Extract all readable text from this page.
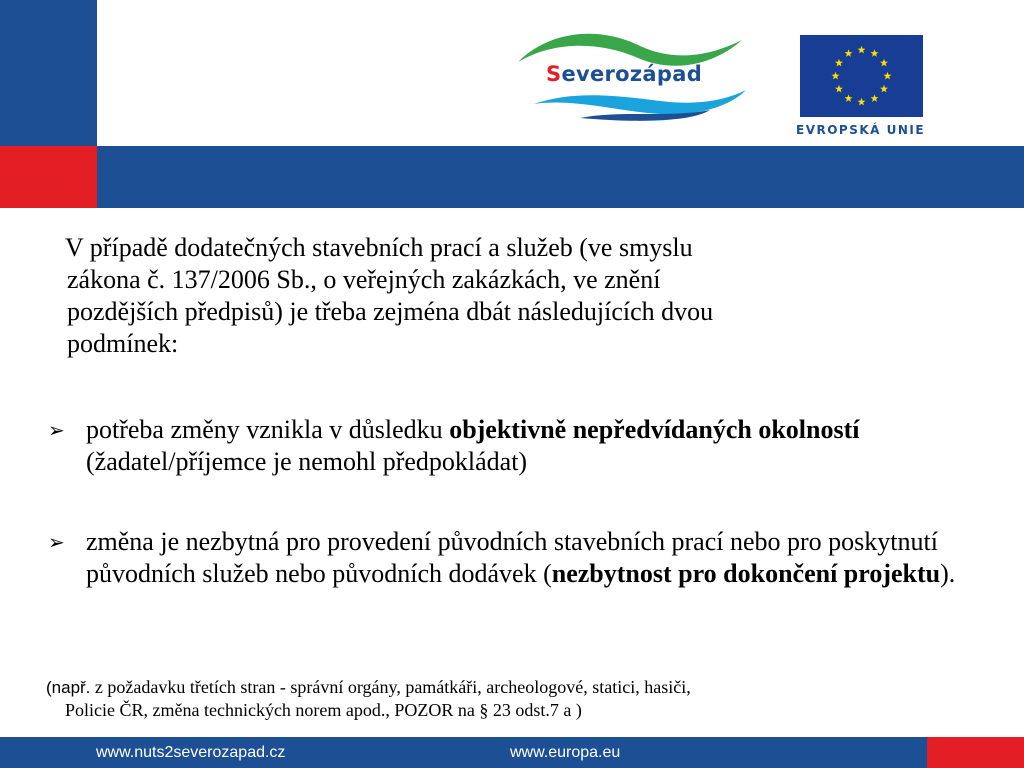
Severozápad
EVROPSKÁ UNIE
V případě dodatečných stavebních prací a služeb (ve smyslu
zákona č. 137/2006 Sb., o veřejných zakázkách, ve znění
pozdějších předpisů) je třeba zejména dbát následujících dvou
podmínek:
➢ potřeba změny vznikla v důsledku objektivně nepředvídaných okolností (žadatel/příjemce je nemohl předpokládat)
➢ změna je nezbytná pro provedení původních stavebních prací nebo pro poskytnutí původních služeb nebo původních dodávek (nezbytnost pro dokončení projektu).
(např. z požadavku třetích stran - správní orgány, památkáři, archeologové, statici, hasiči,
Policie ČR, změna technických norem apod., POZOR na § 23 odst.7 a )
www.nuts2severozapad.cz	www.europa.eu
